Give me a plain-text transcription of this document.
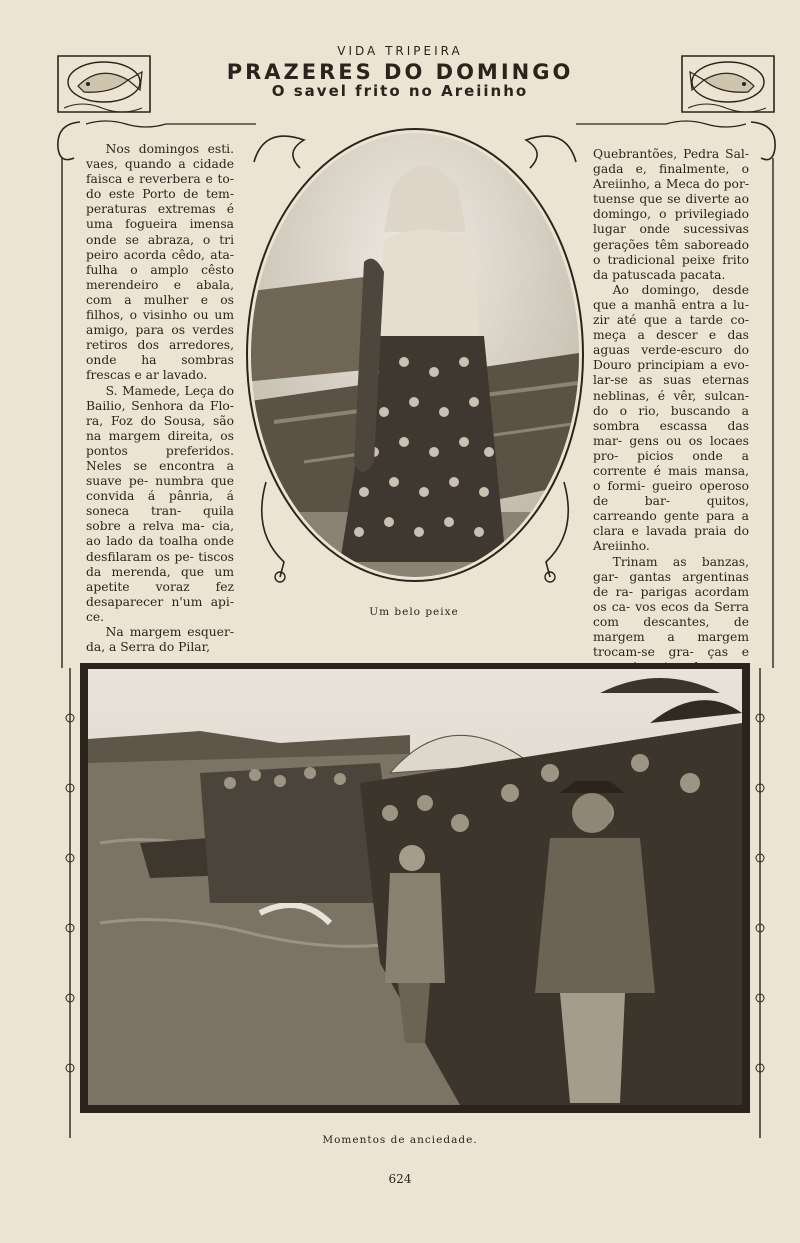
VIDA TRIPEIRA
PRAZERES DO DOMINGO
O savel frito no Areiinho

Nos domingos esti. vaes, quando a cidade faisca e reverbera e to- do este Porto de tem- peraturas extremas é uma fogueira imensa onde se abraza, o tri peiro acorda cêdo, ata- fulha o amplo cêsto merendeiro e abala, com a mulher e os filhos, o visinho ou um amigo, para os verdes retiros dos arredores, onde ha sombras frescas e ar lavado.

S. Mamede, Leça do Bailio, Senhora da Flo- ra, Foz do Sousa, são na margem direita, os pontos preferidos. Neles se encontra a suave pe- numbra que convida á pânria, á soneca tran- quila sobre a relva ma- cia, ao lado da toalha onde desfilaram os pe- tiscos da merenda, que um apetite voraz fez desaparecer n'um api- ce.

Na margem esquer- da, a Serra do Pilar,

Quebrantões, Pedra Sal- gada e, finalmente, o Areiinho, a Meca do por- tuense que se diverte ao domingo, o privilegiado lugar onde sucessivas gerações têm saboreado o tradicional peixe frito da patuscada pacata.

Ao domingo, desde que a manhã entra a lu- zir até que a tarde co- meça a descer e das aguas verde-escuro do Douro principiam a evo- lar-se as suas eternas neblinas, é vêr, sulcan- do o rio, buscando a sombra escassa das mar- gens ou os locaes pro- picios onde a corrente é mais mansa, o formi- gueiro operoso de bar- quitos, carreando gente para a clara e lavada praia do Areiinho.

Trinam as banzas, gar- gantas argentinas de ra- parigas acordam os ca- vos ecos da Serra com descantes, de margem a margem trocam-se gra- ças e

Um belo peixe
Momentos de anciedade.
624
